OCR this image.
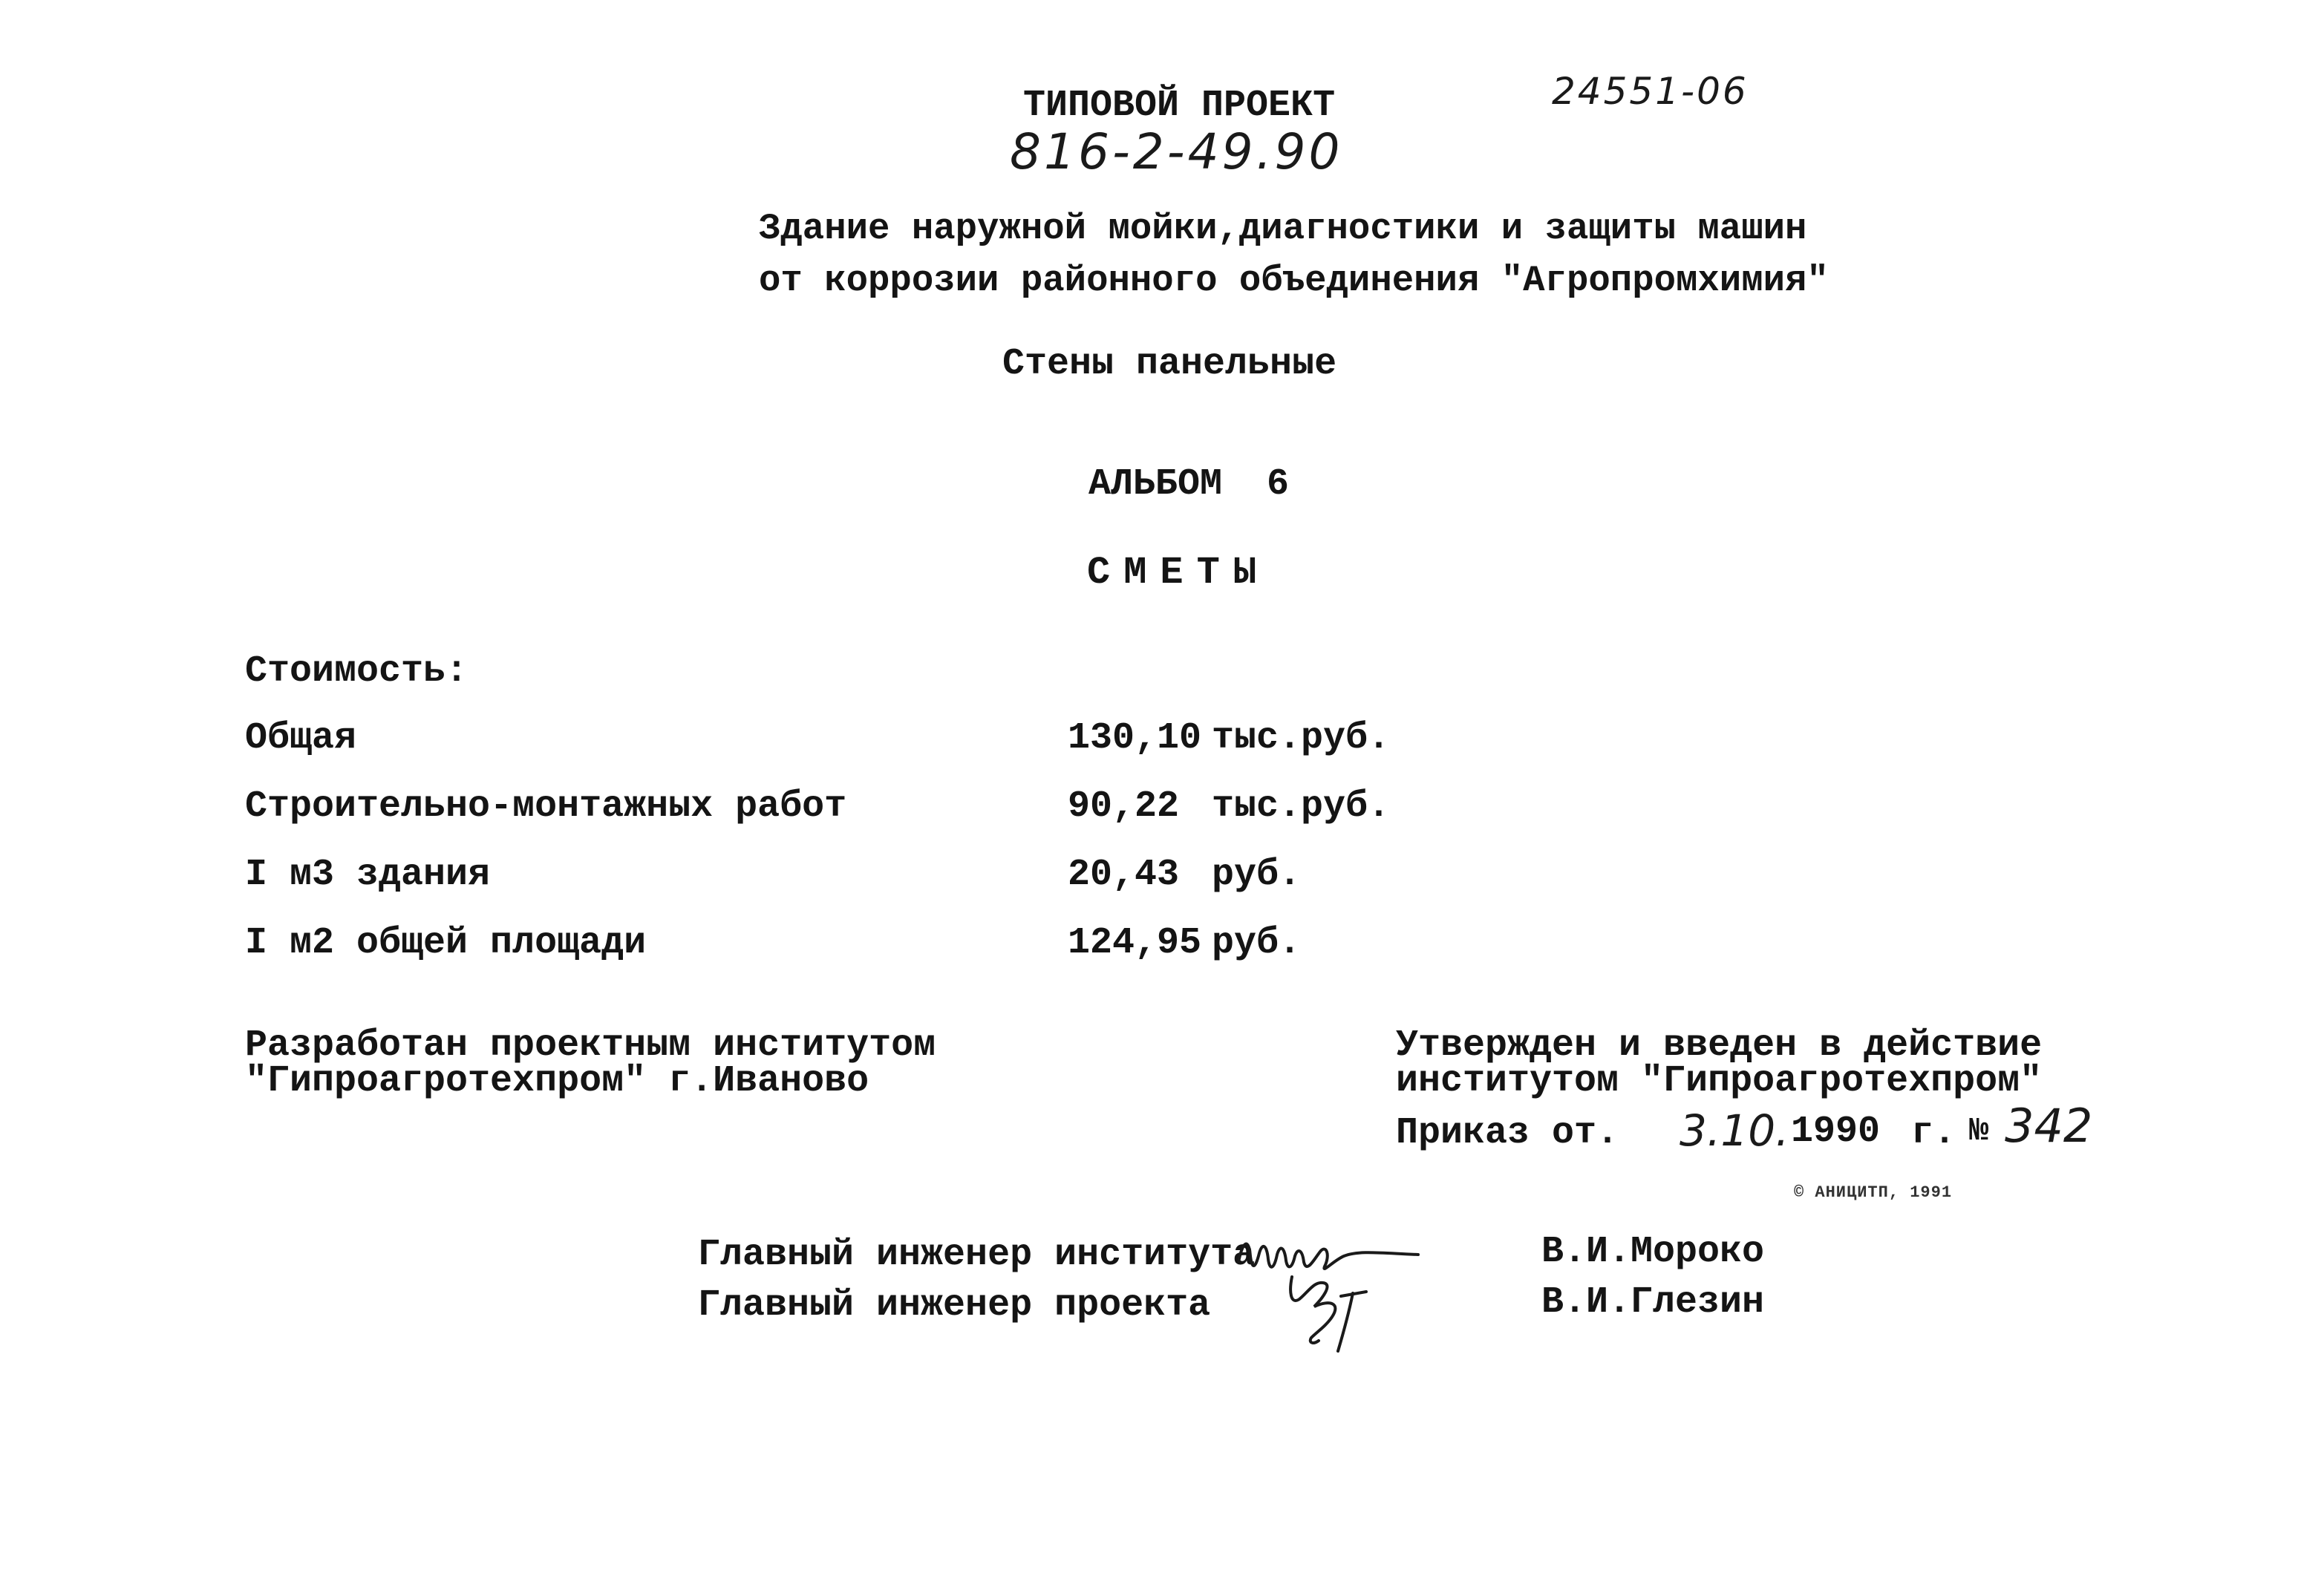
ТИПОВОЙ ПРОЕКТ
816-2-49.90
24551-06
Здание наружной мойки,диагностики и защиты машин
от коррозии районного объединения "Агропромхимия"
Стены панельные
АЛЬБОМ  6
СМЕТЫ
Стоимость:
Общая	130,10 тыс.руб.
Строительно-монтажных работ	90,22 тыс.руб.
I м3 здания	20,43 руб.
I м2 общей площади	124,95 руб.
Разработан проектным институтом
"Гипроагротехпром" г.Иваново
Утвержден и введен в действие
институтом "Гипроагротехпром"
Приказ от. 3.10. 1990 г. № 342
© АНИЦИТП, 1991
Главный инженер института	В.И.Мороко
Главный инженер проекта	В.И.Глезин
